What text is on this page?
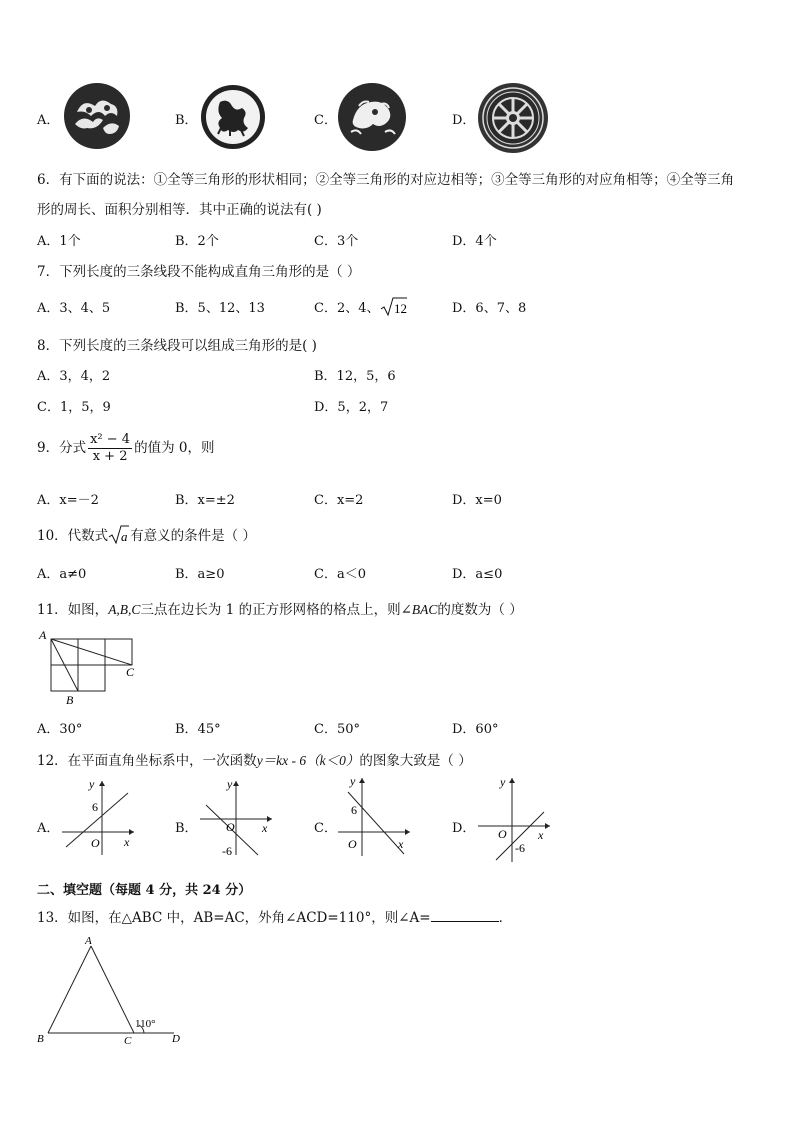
A．	B．	C．	D．
6．有下面的说法：①全等三角形的形状相同；②全等三角形的对应边相等；③全等三角形的对应角相等；④全等三角
形的周长、面积分别相等．其中正确的说法有( )
A．1个	B．2个	C．3个	D．4个
7．下列长度的三条线段不能构成直角三角形的是（ ）
A．3、4、5	B．5、12、13	C．2、4、 12	D．6、7、8
8．下列长度的三条线段可以组成三角形的是( )
A．3，4，2	B．12，5，6
C．1，5，9	D．5，2，7
9．分式 $\frac{\text{x² − 4}}{x + 2}$ 的值为 0，则
A．x=－2	B．x=±2	C．x=2	D．x=0
10．代数式 a 有意义的条件是（ ）
A．a≠0	B．a≥0	C．a＜0	D．a≤0
11．如图，A,B,C三点在边长为 1 的正方形网格的格点上，则∠BAC的度数为（ ）
A
B
C
A．30°	B．45°	C．50°	D．60°
12．在平面直角坐标系中，一次函数y＝kx - 6（k＜0）的图象大致是（ ）
A．
y
x
O
6
B．
y
x
O
-6
C．
y
x
O
6
D．
y
x
O
-6
二、填空题（每题 4 分，共 24 分）
13．如图，在△ABC 中，AB=AC，外角∠ACD=110°，则∠A=	．
A
B	C	D
110°
